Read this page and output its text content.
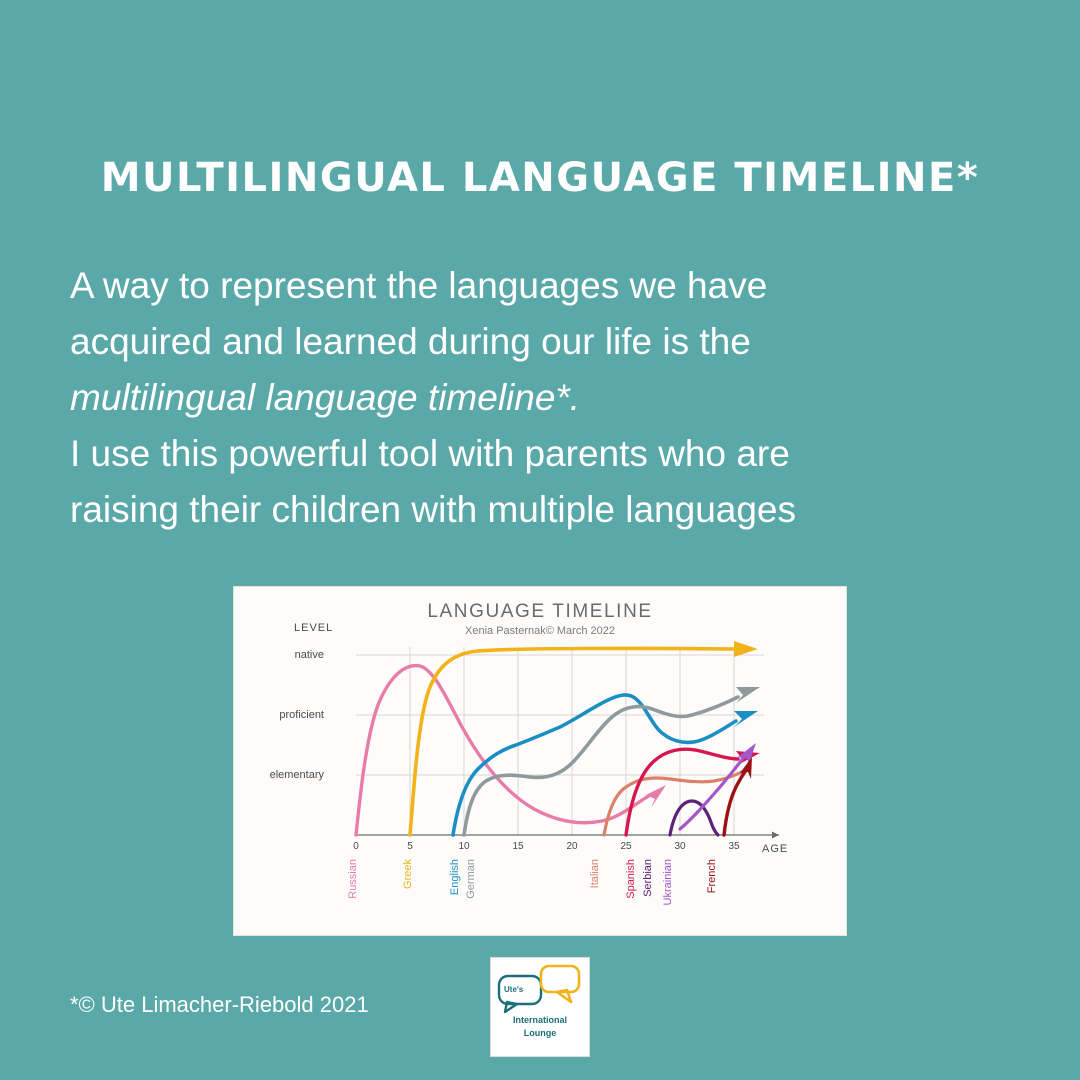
MULTILINGUAL LANGUAGE TIMELINE*
A way to represent the languages we have
acquired and learned during our life is the
multilingual language timeline*.
I use this powerful tool with parents who are
raising their children with multiple languages
LANGUAGE TIMELINE
Xenia Pasternak© March 2022
LEVEL
AGE
native
proficient
elementary
0	5	10	15	20	25	30	35
Russian	Greek	English German	Italian Spanish Serbian Ukrainian	French
*© Ute Limacher-Riebold 2021
Ute's
International
Lounge
